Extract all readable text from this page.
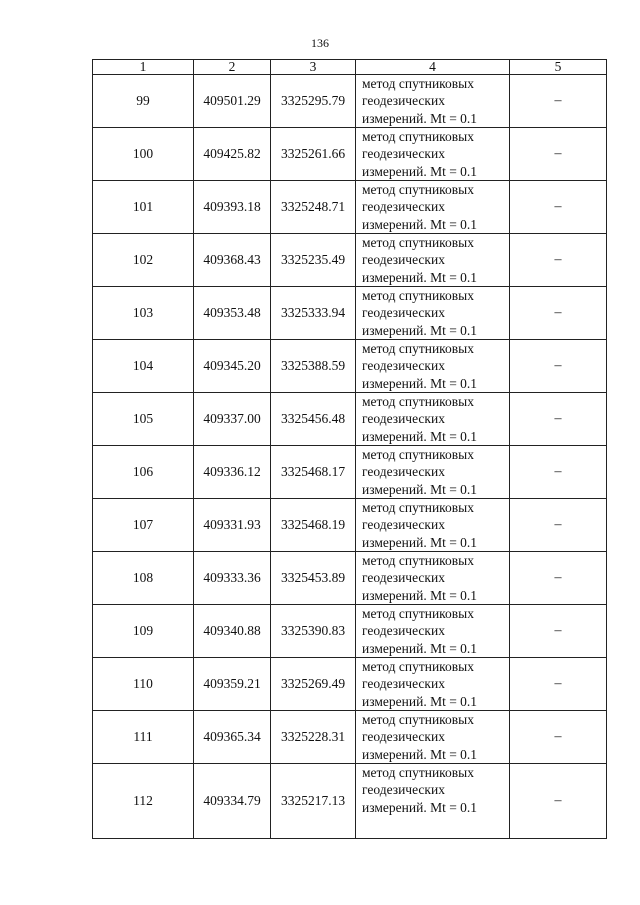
136
1	2	3	4	5
99	409501.29	3325295.79	метод спутниковых
геодезических
измерений. Mt = 0.1	–
100	409425.82	3325261.66	метод спутниковых
геодезических
измерений. Mt = 0.1	–
101	409393.18	3325248.71	метод спутниковых
геодезических
измерений. Mt = 0.1	–
102	409368.43	3325235.49	метод спутниковых
геодезических
измерений. Mt = 0.1	–
103	409353.48	3325333.94	метод спутниковых
геодезических
измерений. Mt = 0.1	–
104	409345.20	3325388.59	метод спутниковых
геодезических
измерений. Mt = 0.1	–
105	409337.00	3325456.48	метод спутниковых
геодезических
измерений. Mt = 0.1	–
106	409336.12	3325468.17	метод спутниковых
геодезических
измерений. Mt = 0.1	–
107	409331.93	3325468.19	метод спутниковых
геодезических
измерений. Mt = 0.1	–
108	409333.36	3325453.89	метод спутниковых
геодезических
измерений. Mt = 0.1	–
109	409340.88	3325390.83	метод спутниковых
геодезических
измерений. Mt = 0.1	–
110	409359.21	3325269.49	метод спутниковых
геодезических
измерений. Mt = 0.1	–
111	409365.34	3325228.31	метод спутниковых
геодезических
измерений. Mt = 0.1	–
112	409334.79	3325217.13	метод спутниковых
геодезических
измерений. Mt = 0.1	–
